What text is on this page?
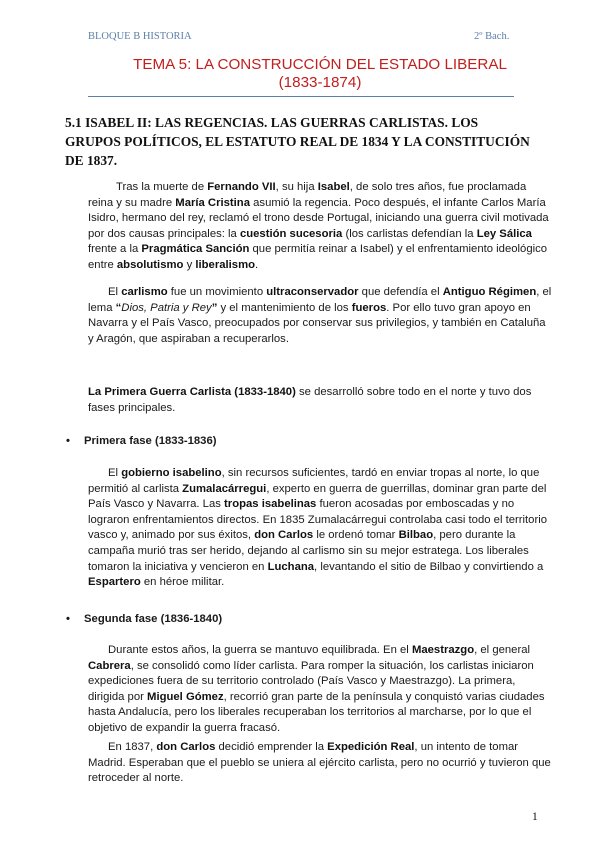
BLOQUE B HISTORIA	2º Bach.
TEMA 5: LA CONSTRUCCIÓN DEL ESTADO LIBERAL
(1833-1874)
5.1 ISABEL II: LAS REGENCIAS. LAS GUERRAS CARLISTAS. LOS GRUPOS POLÍTICOS, EL ESTATUTO REAL DE 1834 Y LA CONSTITUCIÓN DE 1837.
Tras la muerte de Fernando VII, su hija Isabel, de solo tres años, fue proclamada reina y su madre María Cristina asumió la regencia. Poco después, el infante Carlos María Isidro, hermano del rey, reclamó el trono desde Portugal, iniciando una guerra civil motivada por dos causas principales: la cuestión sucesoria (los carlistas defendían la Ley Sálica frente a la Pragmática Sanción que permitía reinar a Isabel) y el enfrentamiento ideológico entre absolutismo y liberalismo.
El carlismo fue un movimiento ultraconservador que defendía el Antiguo Régimen, el lema “Dios, Patria y Rey” y el mantenimiento de los fueros. Por ello tuvo gran apoyo en Navarra y el País Vasco, preocupados por conservar sus privilegios, y también en Cataluña y Aragón, que aspiraban a recuperarlos.
La Primera Guerra Carlista (1833-1840) se desarrolló sobre todo en el norte y tuvo dos fases principales.
• Primera fase (1833-1836)
El gobierno isabelino, sin recursos suficientes, tardó en enviar tropas al norte, lo que permitió al carlista Zumalacárregui, experto en guerra de guerrillas, dominar gran parte del País Vasco y Navarra. Las tropas isabelinas fueron acosadas por emboscadas y no lograron enfrentamientos directos. En 1835 Zumalacárregui controlaba casi todo el territorio vasco y, animado por sus éxitos, don Carlos le ordenó tomar Bilbao, pero durante la campaña murió tras ser herido, dejando al carlismo sin su mejor estratega. Los liberales tomaron la iniciativa y vencieron en Luchana, levantando el sitio de Bilbao y convirtiendo a Espartero en héroe militar.
• Segunda fase (1836-1840)
Durante estos años, la guerra se mantuvo equilibrada. En el Maestrazgo, el general Cabrera, se consolidó como líder carlista. Para romper la situación, los carlistas iniciaron expediciones fuera de su territorio controlado (País Vasco y Maestrazgo). La primera, dirigida por Miguel Gómez, recorrió gran parte de la península y conquistó varias ciudades hasta Andalucía, pero los liberales recuperaban los territorios al marcharse, por lo que el objetivo de expandir la guerra fracasó.
En 1837, don Carlos decidió emprender la Expedición Real, un intento de tomar Madrid. Esperaban que el pueblo se uniera al ejército carlista, pero no ocurrió y tuvieron que retroceder al norte.
1
